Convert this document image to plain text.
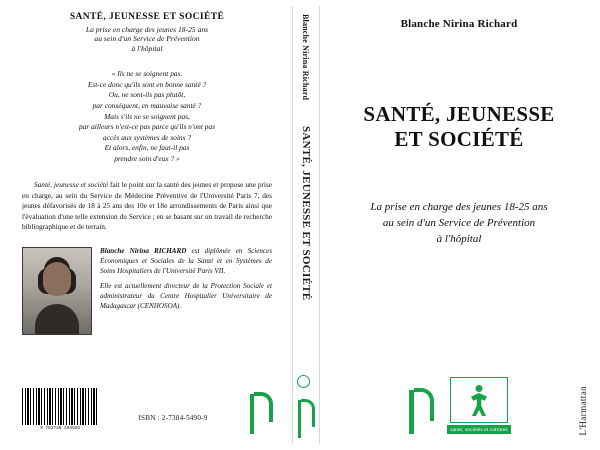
SANTÉ, JEUNESSE ET SOCIÉTÉ
La prise en charge des jeunes 18-25 ans
au sein d'un Service de Prévention
à l'hôpital
« Ils ne se soignent pas.
Est-ce donc qu'ils sont en bonne santé ?
Ou, ne sont-ils pas plutôt,
par conséquent, en mauvaise santé ?
Mais s'ils ne se soignent pas,
par ailleurs n'est-ce pas parce qu'ils n'ont pas
accès aux systèmes de soins ?
Et alors, enfin, ne faut-il pas
prendre soin d'eux ? »
Santé, jeunesse et société fait le point sur la santé des jeunes et propose une prise en charge, au sein du Service de Médecine Préventive de l'Université Paris 7, des jeunes défavorisés de 18 à 25 ans des 10e et 18e arrondissements de Paris ainsi que l'évaluation d'une telle extension du Service ; en se basant sur un travail de recherche bibliographique et de terrain.

Blanche Nirina RICHARD est diplômée en Sciences Économiques et Sociales de la Santé et en Systèmes de Soins Hospitaliers de l'Université Paris VII.

Elle est actuellement directeur de la Protection Sociale et administrateur du Centre Hospitalier Universitaire de Madagascar (CENHOSOA).

9 782738 454928
ISBN : 2-7384-5490-9
Blanche Nirina Richard
SANTÉ, JEUNESSE ET SOCIÉTÉ
Blanche Nirina Richard
SANTÉ, JEUNESSE
ET SOCIÉTÉ
La prise en charge des jeunes 18-25 ans
au sein d'un Service de Prévention
à l'hôpital
santé, sociétés et cultures	L'Harmattan
